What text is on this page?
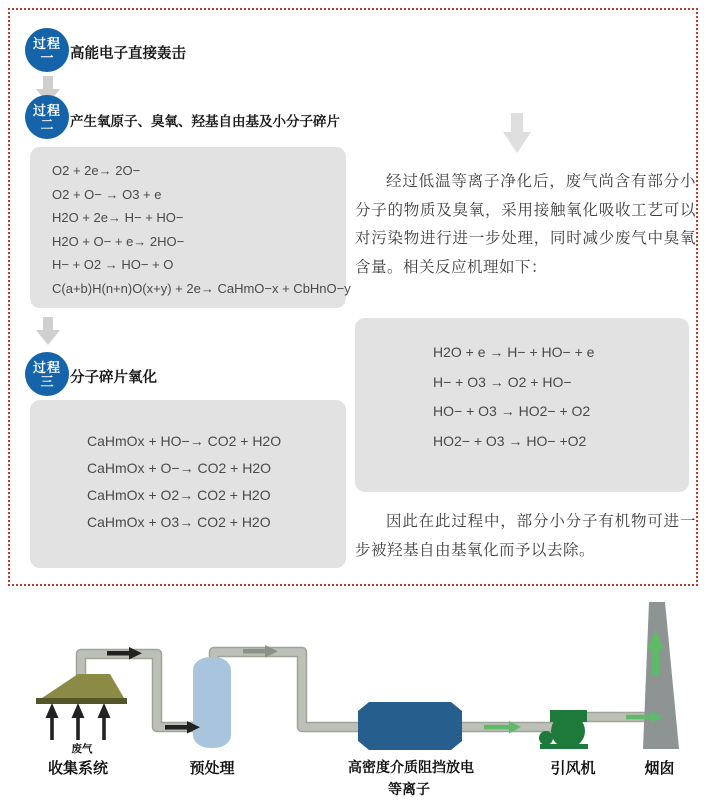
过程
一 高能电子直接轰击
过程
二 产生氧原子、臭氧、羟基自由基及小分子碎片
O2 + 2e→ 2O−
O2 + O− → O3 + e
H2O + 2e→ H− + HO−
H2O + O− + e→ 2HO−
H− + O2 → HO− + O
C(a+b)H(n+n)O(x+y) + 2e→ CaHmO−x + CbHnO−y
过程
三 分子碎片氧化
CaHmOx + HO−→ CO2 + H2O
CaHmOx + O−→ CO2 + H2O
CaHmOx + O2→ CO2 + H2O
CaHmOx + O3→ CO2 + H2O
经过低温等离子净化后，废气尚含有部分小分子的物质及臭氧，采用接触氧化吸收工艺可以对污染物进行进一步处理，同时减少废气中臭氧含量。相关反应机理如下：
H2O + e → H− + HO− + e
H− + O3 → O2 + HO−
HO− + O3 → HO2− + O2
HO2− + O3 → HO− +O2
因此在此过程中，部分小分子有机物可进一步被羟基自由基氧化而予以去除。
废气
收集系统	预处理	高密度介质阻挡放电
等离子
引风机	烟囱
